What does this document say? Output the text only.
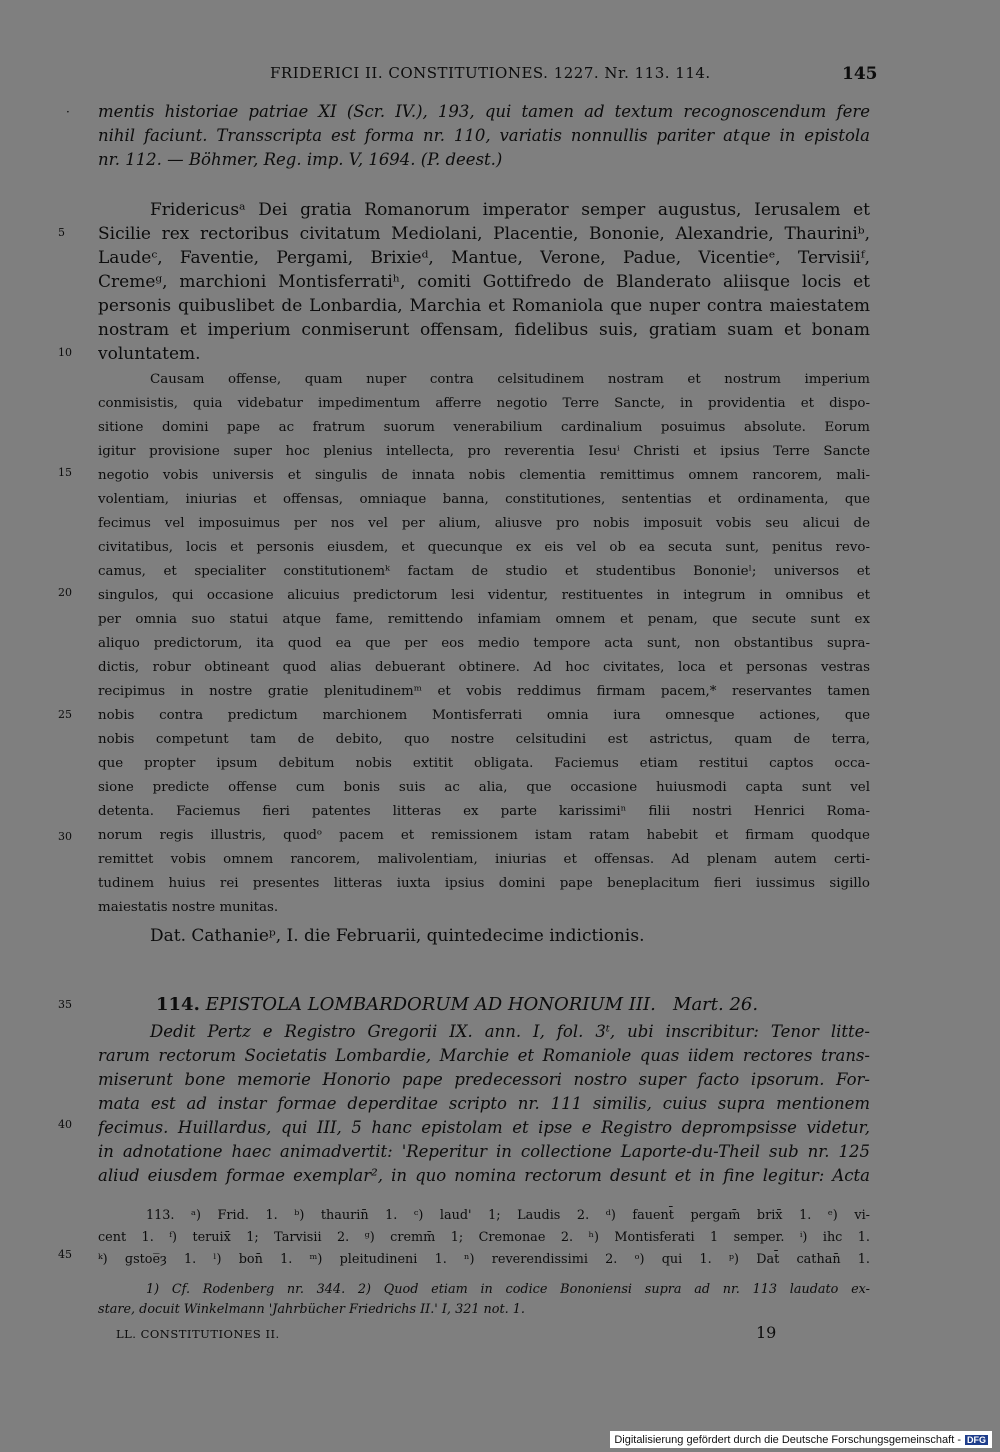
FRIDERICI II. CONSTITUTIONES. 1227. Nr. 113. 114.	145
· mentis historiae patriae XI (Scr. IV.), 193, qui tamen ad textum recognoscendum fere
nihil faciunt. Transscripta est forma nr. 110, variatis nonnullis pariter atque in epistola
nr. 112. — Böhmer, Reg. imp. V, 1694. (P. deest.)
Fridericusᵃ Dei gratia Romanorum imperator semper augustus, Ierusalem et
Sicilie rex rectoribus civitatum Mediolani, Placentie, Bononie, Alexandrie, Thauriniᵇ,
Laudeᶜ, Faventie, Pergami, Brixieᵈ, Mantue, Verone, Padue, Vicentieᵉ, Tervisiiᶠ,
Cremeᵍ, marchioni Montisferratiʰ, comiti Gottifredo de Blanderato aliisque locis et
personis quibuslibet de Lonbardia, Marchia et Romaniola que nuper contra maiestatem
nostram et imperium conmiserunt offensam, fidelibus suis, gratiam suam et bonam
voluntatem.
Causam offense, quam nuper contra celsitudinem nostram et nostrum imperium
conmisistis, quia videbatur impedimentum afferre negotio Terre Sancte, in providentia et dispo-
sitione domini pape ac fratrum suorum venerabilium cardinalium posuimus absolute. Eorum
igitur provisione super hoc plenius intellecta, pro reverentia Iesuⁱ Christi et ipsius Terre Sancte
negotio vobis universis et singulis de innata nobis clementia remittimus omnem rancorem, mali-
volentiam, iniurias et offensas, omniaque banna, constitutiones, sententias et ordinamenta, que
fecimus vel imposuimus per nos vel per alium, aliusve pro nobis imposuit vobis seu alicui de
civitatibus, locis et personis eiusdem, et quecunque ex eis vel ob ea secuta sunt, penitus revo-
camus, et specialiter constitutionemᵏ factam de studio et studentibus Bononieˡ; universos et
singulos, qui occasione alicuius predictorum lesi videntur, restituentes in integrum in omnibus et
per omnia suo statui atque fame, remittendo infamiam omnem et penam, que secute sunt ex
aliquo predictorum, ita quod ea que per eos medio tempore acta sunt, non obstantibus supra-
dictis, robur obtineant quod alias debuerant obtinere. Ad hoc civitates, loca et personas vestras
recipimus in nostre gratie plenitudinemᵐ et vobis reddimus firmam pacem,* reservantes tamen
nobis contra predictum marchionem Montisferrati omnia iura omnesque actiones, que
nobis competunt tam de debito, quo nostre celsitudini est astrictus, quam de terra,
que propter ipsum debitum nobis extitit obligata. Faciemus etiam restitui captos occa-
sione predicte offense cum bonis suis ac alia, que occasione huiusmodi capta sunt vel
detenta. Faciemus fieri patentes litteras ex parte karissimiⁿ filii nostri Henrici Roma-
norum regis illustris, quodᵒ pacem et remissionem istam ratam habebit et firmam quodque
remittet vobis omnem rancorem, malivolentiam, iniurias et offensas. Ad plenam autem certi-
tudinem huius rei presentes litteras iuxta ipsius domini pape beneplacitum fieri iussimus sigillo
maiestatis nostre munitas.
Dat. Cathanieᵖ, I. die Februarii, quintedecime indictionis.
114. EPISTOLA LOMBARDORUM AD HONORIUM III. Mart. 26.
Dedit Pertz e Registro Gregorii IX. ann. I, fol. 3ᵗ, ubi inscribitur: Tenor litte-
rarum rectorum Societatis Lombardie, Marchie et Romaniole quas iidem rectores trans-
miserunt bone memorie Honorio pape predecessori nostro super facto ipsorum. For-
mata est ad instar formae deperditae scripto nr. 111 similis, cuius supra mentionem
fecimus. Huillardus, qui III, 5 hanc epistolam et ipse e Registro deprompsisse videtur,
in adnotatione haec animadvertit: 'Reperitur in collectione Laporte-du-Theil sub nr. 125
aliud eiusdem formae exemplar², in quo nomina rectorum desunt et in fine legitur: Acta
113. ᵃ) Frid. 1. ᵇ) thaurin̄ 1. ᶜ) laud' 1; Laudis 2. ᵈ) fauent̄ pergam̄ brix̄ 1. ᵉ) vi-
cent 1. ᶠ) teruix̄ 1; Tarvisii 2. ᵍ) cremm̄ 1; Cremonae 2. ʰ) Montisferati 1 semper. ⁱ) ihc 1.
ᵏ) ɡstoe̅ȝ 1. ˡ) bon̄ 1. ᵐ) pleitudineni 1. ⁿ) reverendissimi 2. ᵒ) qui 1. ᵖ) Dat̄ cathan̄ 1.
1) Cf. Rodenberg nr. 344. 2) Quod etiam in codice Bononiensi supra ad nr. 113 laudato ex-
stare, docuit Winkelmann 'Jahrbücher Friedrichs II.' I, 321 not. 1.
5
10
15
20
25
30
35
40
45
LL. CONSTITUTIONES II.	19
Digitalisierung gefördert durch die Deutsche Forschungsgemeinschaft - DFG
